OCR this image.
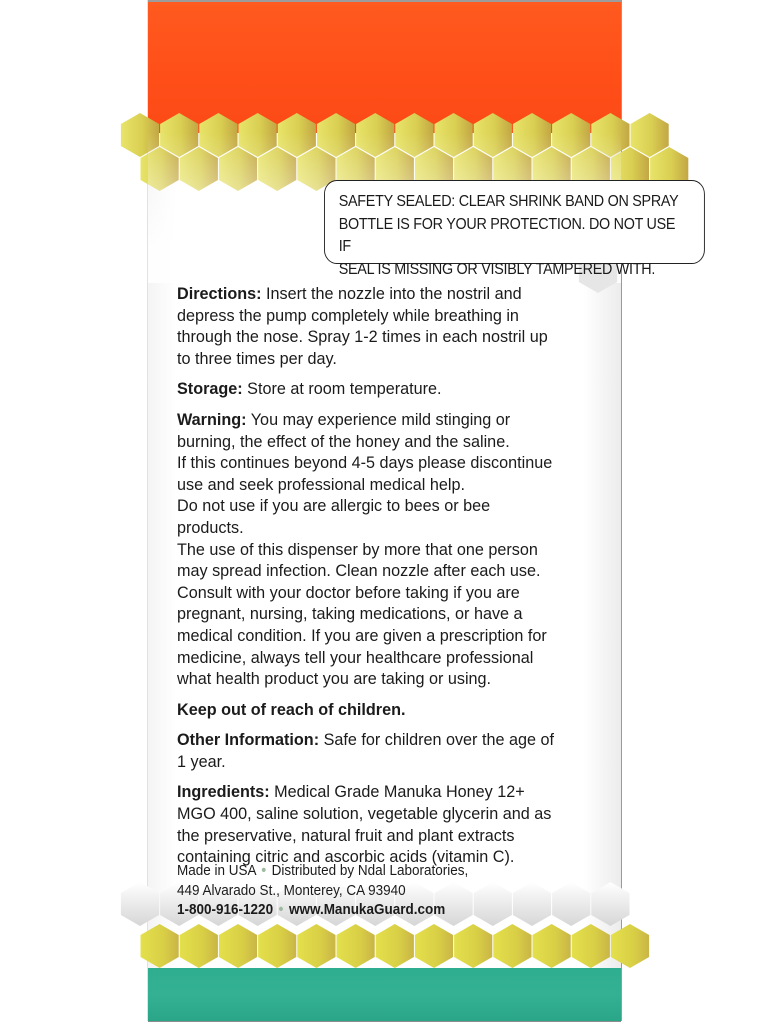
SAFETY SEALED: CLEAR SHRINK BAND ON SPRAY

BOTTLE IS FOR YOUR PROTECTION. DO NOT USE IF

SEAL IS MISSING OR VISIBLY TAMPERED WITH.

Directions: Insert the nozzle into the nostril and
depress the pump completely while breathing in
through the nose. Spray 1-2 times in each nostril up
to three times per day.

Storage: Store at room temperature.

Warning: You may experience mild stinging or
burning, the effect of the honey and the saline.
If this continues beyond 4-5 days please discontinue
use and seek professional medical help.
Do not use if you are allergic to bees or bee
products.
The use of this dispenser by more that one person
may spread infection. Clean nozzle after each use.
Consult with your doctor before taking if you are
pregnant, nursing, taking medications, or have a
medical condition. If you are given a prescription for
medicine, always tell your healthcare professional
what health product you are taking or using.

Keep out of reach of children.

Other Information: Safe for children over the age of
1 year.

Ingredients: Medical Grade Manuka Honey 12+
MGO 400, saline solution, vegetable glycerin and as
the preservative, natural fruit and plant extracts
containing citric and ascorbic acids (vitamin C).

Made in USA • Distributed by Ndal Laboratories,
449 Alvarado St., Monterey, CA 93940
1-800-916-1220 • www.ManukaGuard.com
